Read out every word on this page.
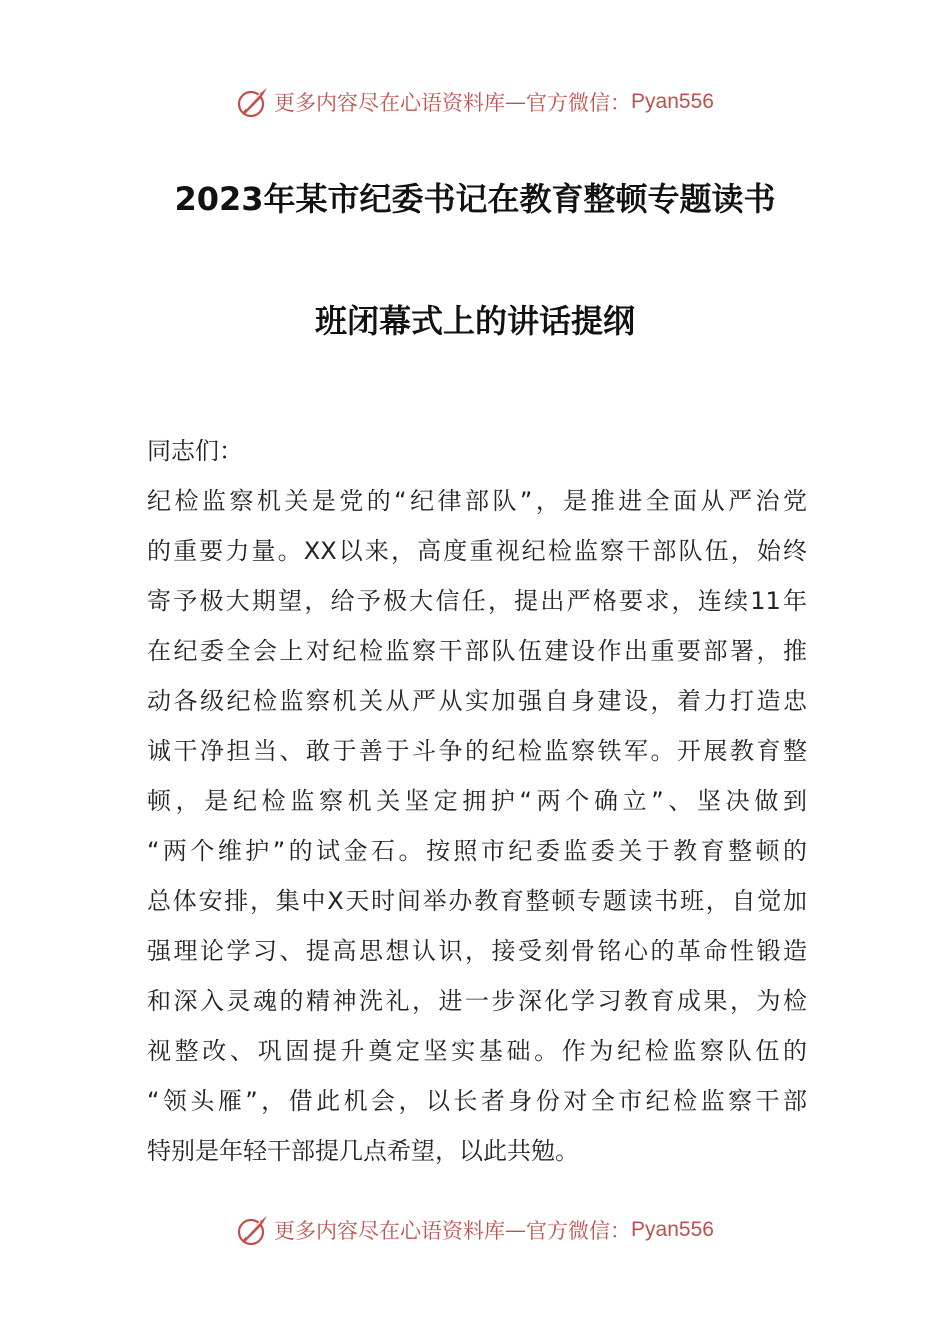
更多内容尽在心语资料库 — 官方微信： Pyan556
2023年某市纪委书记在教育整顿专题读书
班闭幕式上的讲话提纲
同志们：
纪检监察机关是党的“纪律部队”，是推进全面从严治党
的重要力量。XX以来，高度重视纪检监察干部队伍，始终
寄予极大期望，给予极大信任，提出严格要求，连续11年
在纪委全会上对纪检监察干部队伍建设作出重要部署，推
动各级纪检监察机关从严从实加强自身建设，着力打造忠
诚干净担当、敢于善于斗争的纪检监察铁军。开展教育整
顿，是纪检监察机关坚定拥护“两个确立”、坚决做到
“两个维护”的试金石。按照市纪委监委关于教育整顿的
总体安排，集中X天时间举办教育整顿专题读书班，自觉加
强理论学习、提高思想认识，接受刻骨铭心的革命性锻造
和深入灵魂的精神洗礼，进一步深化学习教育成果，为检
视整改、巩固提升奠定坚实基础。作为纪检监察队伍的
“领头雁”，借此机会，以长者身份对全市纪检监察干部
特别是年轻干部提几点希望，以此共勉。
更多内容尽在心语资料库 — 官方微信： Pyan556
